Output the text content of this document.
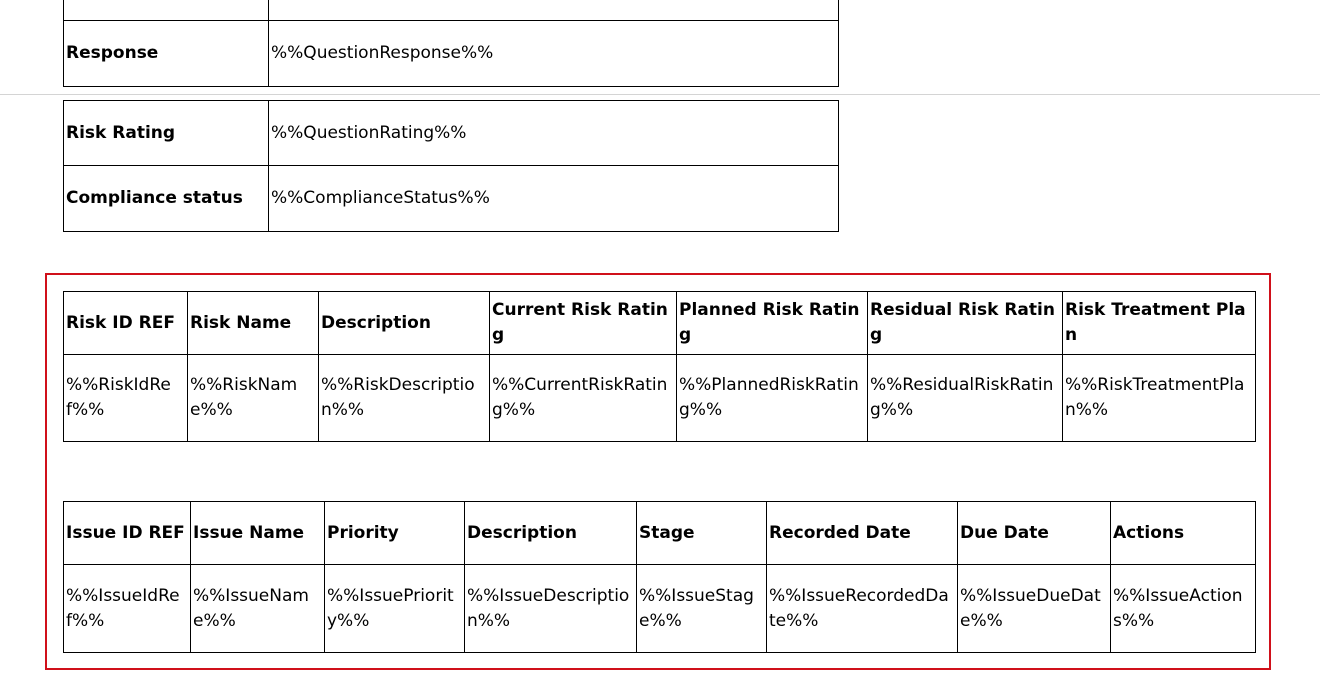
Response	%%QuestionResponse%%
Risk Rating	%%QuestionRating%%
Compliance status	%%ComplianceStatus%%
Risk ID REF	Risk Name	Description	Current Risk Rating	Planned Risk Rating	Residual Risk Rating	Risk Treatment Plan
%%RiskIdRef%%	%%RiskName%%	%%RiskDescription%%	%%CurrentRiskRating%%	%%PlannedRiskRating%%	%%ResidualRiskRating%%	%%RiskTreatmentPlan%%
Issue ID REF	Issue Name	Priority	Description	Stage	Recorded Date	Due Date	Actions
%%IssueIdRef%%	%%IssueName%%	%%IssuePriority%%	%%IssueDescription%%	%%IssueStage%%	%%IssueRecordedDate%%	%%IssueDueDate%%	%%IssueActions%%
